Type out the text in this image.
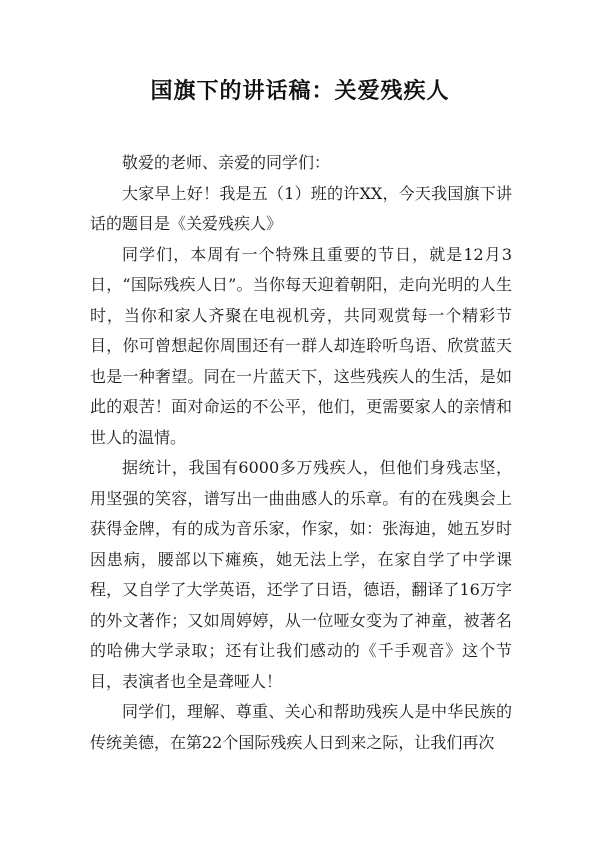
国旗下的讲话稿：关爱残疾人

敬爱的老师、亲爱的同学们：

大家早上好！我是五（1）班的许XX，今天我国旗下讲话的题目是《关爱残疾人》

同学们，本周有一个特殊且重要的节日，就是12月3日，“国际残疾人日”。当你每天迎着朝阳，走向光明的人生时，当你和家人齐聚在电视机旁，共同观赏每一个精彩节目，你可曾想起你周围还有一群人却连聆听鸟语、欣赏蓝天也是一种奢望。同在一片蓝天下，这些残疾人的生活，是如此的艰苦！面对命运的不公平，他们，更需要家人的亲情和世人的温情。

据统计，我国有6000多万残疾人，但他们身残志坚，用坚强的笑容，谱写出一曲曲感人的乐章。有的在残奥会上获得金牌，有的成为音乐家，作家，如：张海迪，她五岁时因患病，腰部以下瘫痪，她无法上学，在家自学了中学课程，又自学了大学英语，还学了日语，德语，翻译了16万字的外文著作；又如周婷婷，从一位哑女变为了神童，被著名的哈佛大学录取；还有让我们感动的《千手观音》这个节目，表演者也全是聋哑人！

同学们，理解、尊重、关心和帮助残疾人是中华民族的传统美德，在第22个国际残疾人日到来之际，让我们再次
